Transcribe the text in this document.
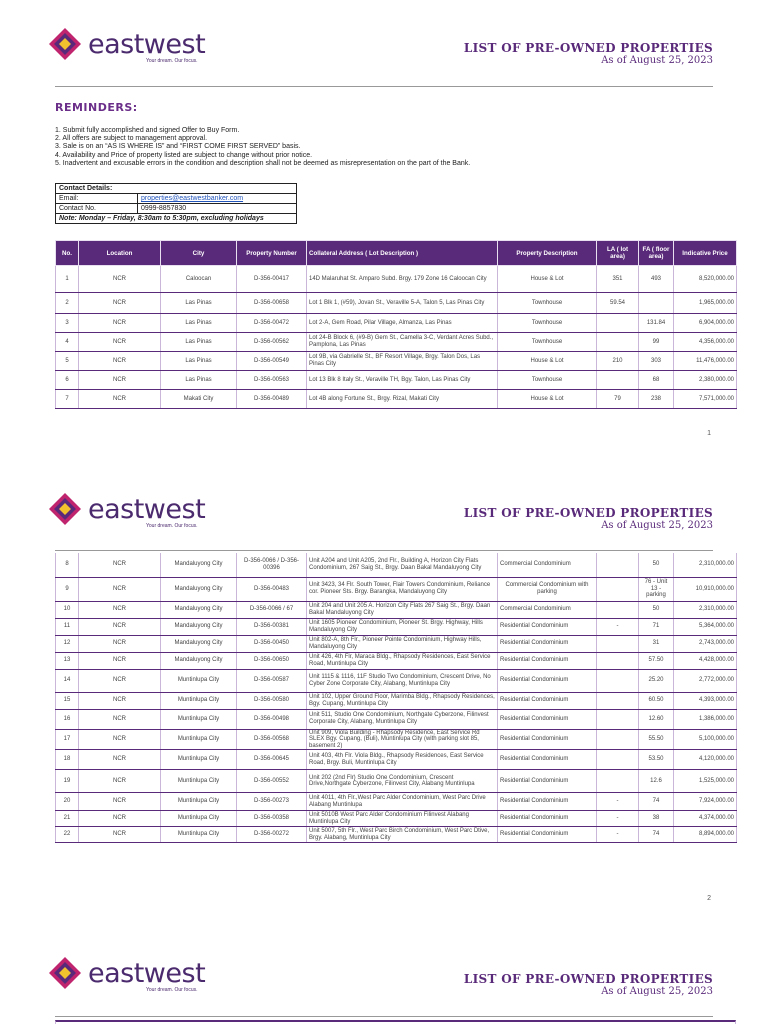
eastwest
Your dream. Our focus.
LIST OF PRE-OWNED PROPERTIES
As of August 25, 2023
REMINDERS:
1. Submit fully accomplished and signed Offer to Buy Form.
2. All offers are subject to management approval.
3. Sale is on an “AS IS WHERE IS” and “FIRST COME FIRST SERVED” basis.
4. Availability and Price of property listed are subject to change without prior notice.
5. Inadvertent and excusable errors in the condition and description shall not be deemed as misrepresentation on the part of the Bank.
Contact Details:	
Email:	properties@eastwestbanker.com
Contact No.	0999-8857830
Note: Monday – Friday, 8:30am to 5:30pm, excluding holidays	
No.	Location	City	Property Number	Collateral Address ( Lot Description )	Property Description	LA ( lot area)	FA ( floor area)	Indicative Price
1	NCR	Caloocan	D-356-00417	14D Malaruhat St. Amparo Subd. Brgy. 179 Zone 16 Caloocan City	House & Lot	351	493	8,520,000.00
2	NCR	Las Pinas	D-356-00658	Lot 1 Blk 1, (#59), Jovan St., Veraville 5-A, Talon 5, Las Pinas City	Townhouse	59.54		1,965,000.00
3	NCR	Las Pinas	D-356-00472	Lot 2-A, Gem Road, Pilar Village, Almanza, Las Pinas	Townhouse		131.84	6,904,000.00
4	NCR	Las Pinas	D-356-00562	Lot 24-B Block 6, (#9-B) Gem St., Camella 3-C, Verdant Acres Subd., Pamplona, Las Pinas	Townhouse		99	4,356,000.00
5	NCR	Las Pinas	D-356-00549	Lot 9B, via Gabrielle St., BF Resort Village, Brgy. Talon Dos, Las Pinas City	House & Lot	210	303	11,476,000.00
6	NCR	Las Pinas	D-356-00563	Lot 13 Blk 8 Italy St., Veraville TH, Bgy. Talon, Las Pinas City	Townhouse		68	2,380,000.00
7	NCR	Makati City	D-356-00489	Lot 4B along Fortune St., Brgy. Rizal, Makati City	House & Lot	79	238	7,571,000.00
1
eastwest
Your dream. Our focus.
LIST OF PRE-OWNED PROPERTIES
As of August 25, 2023
8	NCR	Mandaluyong City	D-356-0066 / D-356-00396	Unit A204 and Unit A205, 2nd Flr., Building A, Horizon City Flats Condominium, 267 Saig St., Brgy. Daan Bakal Mandaluyong City	Commercial Condominium		50	2,310,000.00
9	NCR	Mandaluyong City	D-356-00483	Unit 3423, 34 Flr. South Tower, Flair Towers Condominium, Reliance cor. Pioneer Sts. Brgy. Barangka, Mandaluyong City	Commercial Condominium with parking		76 - Unit 13 - parking	10,910,000.00
10	NCR	Mandaluyong City	D-356-0066 / 67	Unit 204 and Unit 205 A. Horizon City Flats 267 Saig St., Brgy. Daan Bakal Mandaluyong City	Commercial Condominium		50	2,310,000.00
11	NCR	Mandaluyong City	D-356-00381	Unit 1605 Pioneer Condominium, Pioneer St. Brgy. Highway, Hills Mandaluyong City	Residential Condominium	-	71	5,364,000.00
12	NCR	Mandaluyong City	D-356-00450	Unit 802-A, 8th Flr., Pioneer Pointe Condominium, Highway Hills, Mandaluyong City	Residential Condominium		31	2,743,000.00
13	NCR	Mandaluyong City	D-356-00650	Unit 426, 4th Flr, Maraca Bldg., Rhapsody Residences, East Service Road, Muntinlupa City	Residential Condominium		57.50	4,428,000.00
14	NCR	Muntinlupa City	D-356-00587	Unit 1115 & 1116, 11F Studio Two Condominium, Crescent Drive, No Cyber Zone Corporate City, Alabang, Muntinlupa City	Residential Condominium		25.20	2,772,000.00
15	NCR	Muntinlupa City	D-356-00580	Unit 102, Upper Ground Floor, Marimba Bldg., Rhapsody Residences, Bgy. Cupang, Muntinlupa City	Residential Condominium		60.50	4,393,000.00
16	NCR	Muntinlupa City	D-356-00498	Unit 511, Studio One Condominium, Northgate Cyberzone, Filinvest Corporate City, Alabang, Muntinlupa City	Residential Condominium		12.60	1,386,000.00
17	NCR	Muntinlupa City	D-356-00568	Unit 909, Viola Building - Rhapsody Residence, East Service Rd SLEX Bgy. Cupang, (Buli), Muntinlupa City (with parking slot 85, basement 2)	Residential Condominium		55.50	5,100,000.00
18	NCR	Muntinlupa City	D-356-00645	Unit 403, 4th Flr. Viola Bldg., Rhapsody Residences, East Service Road, Brgy. Buli, Muntinlupa City	Residential Condominium		53.50	4,120,000.00
19	NCR	Muntinlupa City	D-356-00552	Unit 202 (2nd Flr) Studio One Condominium, Crescent Drive,Northgate Cyberzone, Filinvest City, Alabang Muntinlupa	Residential Condominium		12.6	1,525,000.00
20	NCR	Muntinlupa City	D-356-00273	Unit 4011, 4th Flr.,West Parc Alder Condominium, West Parc Drive Alabang Muntinlupa	Residential Condominium	-	74	7,924,000.00
21	NCR	Muntinlupa City	D-356-00358	Unit 5010B West Parc Alder Condominium Filinvest Alabang Muntinlupa City	Residential Condominium	-	38	4,374,000.00
22	NCR	Muntinlupa City	D-356-00272	Unit 5007, 5th Flr., West Parc Birch Condominium, West Parc Dtive, Brgy. Alabang, Muntinlupa City	Residential Condominium	-	74	8,894,000.00
2
eastwest
Your dream. Our focus.
LIST OF PRE-OWNED PROPERTIES
As of August 25, 2023
